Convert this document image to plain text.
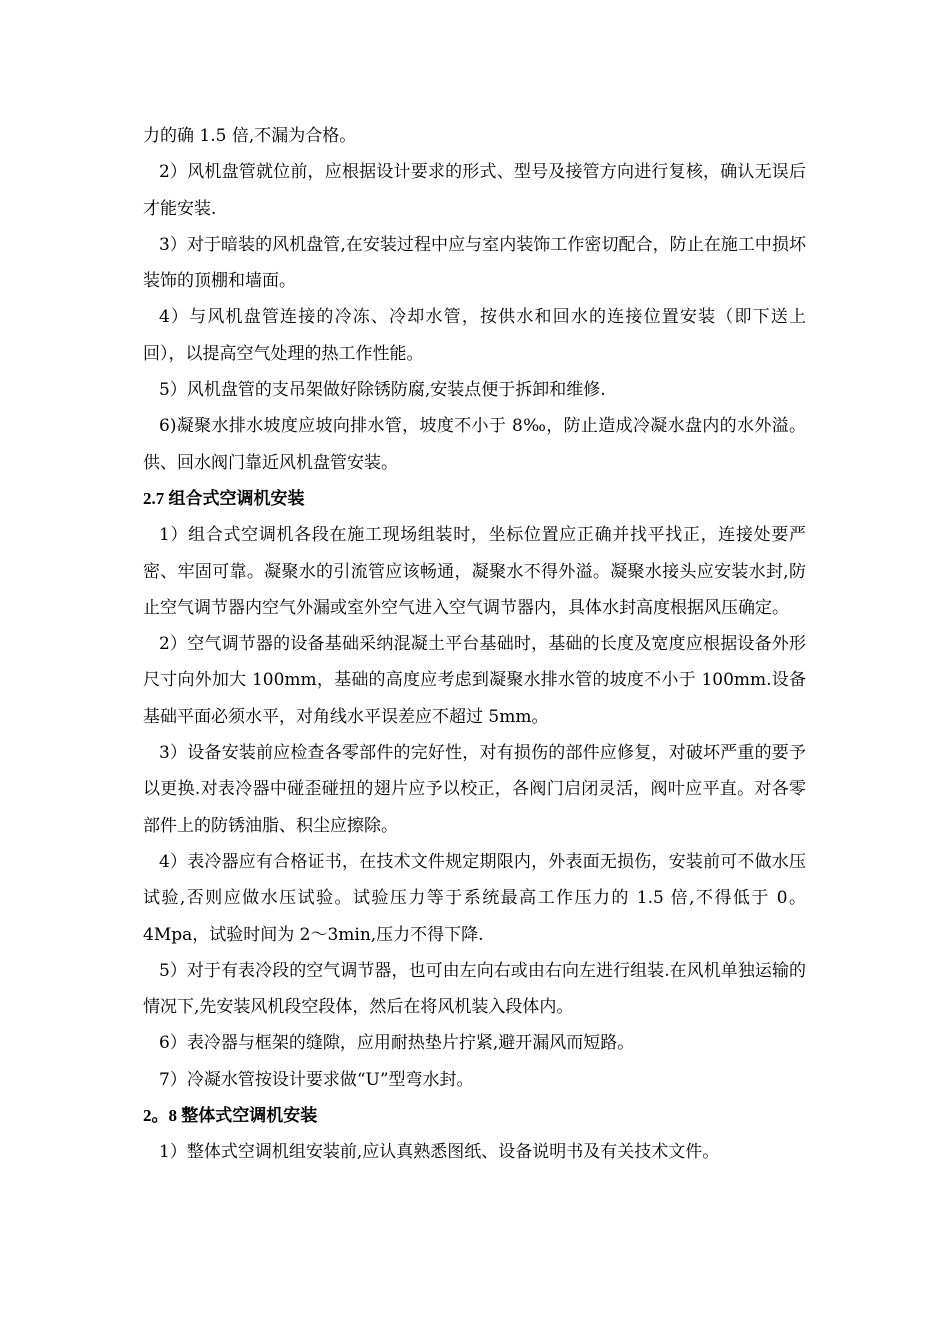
力的确 1.5 倍,不漏为合格。

2）风机盘管就位前，应根据设计要求的形式、型号及接管方向进行复核，确认无误后才能安装.

3）对于暗装的风机盘管,在安装过程中应与室内装饰工作密切配合，防止在施工中损坏装饰的顶棚和墙面。

4）与风机盘管连接的冷冻、冷却水管，按供水和回水的连接位置安装（即下送上回），以提高空气处理的热工作性能。

5）风机盘管的支吊架做好除锈防腐,安装点便于拆卸和维修.

6)凝聚水排水坡度应坡向排水管，坡度不小于 8‰，防止造成冷凝水盘内的水外溢。供、回水阀门靠近风机盘管安装。

2.7 组合式空调机安装

1）组合式空调机各段在施工现场组装时，坐标位置应正确并找平找正，连接处要严密、牢固可靠。凝聚水的引流管应该畅通，凝聚水不得外溢。凝聚水接头应安装水封,防止空气调节器内空气外漏或室外空气进入空气调节器内，具体水封高度根据风压确定。

2）空气调节器的设备基础采纳混凝土平台基础时，基础的长度及宽度应根据设备外形尺寸向外加大 100mm，基础的高度应考虑到凝聚水排水管的坡度不小于 100mm.设备基础平面必须水平，对角线水平误差应不超过 5mm。

3）设备安装前应检查各零部件的完好性，对有损伤的部件应修复，对破坏严重的要予以更换.对表冷器中碰歪碰扭的翅片应予以校正，各阀门启闭灵活，阀叶应平直。对各零部件上的防锈油脂、积尘应擦除。

4）表冷器应有合格证书，在技术文件规定期限内，外表面无损伤，安装前可不做水压试验,否则应做水压试验。试验压力等于系统最高工作压力的 1.5 倍,不得低于 0。4Mpa，试验时间为 2～3min,压力不得下降.

5）对于有表冷段的空气调节器，也可由左向右或由右向左进行组装.在风机单独运输的情况下,先安装风机段空段体，然后在将风机装入段体内。

6）表冷器与框架的缝隙，应用耐热垫片拧紧,避开漏风而短路。

7）冷凝水管按设计要求做“U”型弯水封。

2。8 整体式空调机安装

1）整体式空调机组安装前,应认真熟悉图纸、设备说明书及有关技术文件。
